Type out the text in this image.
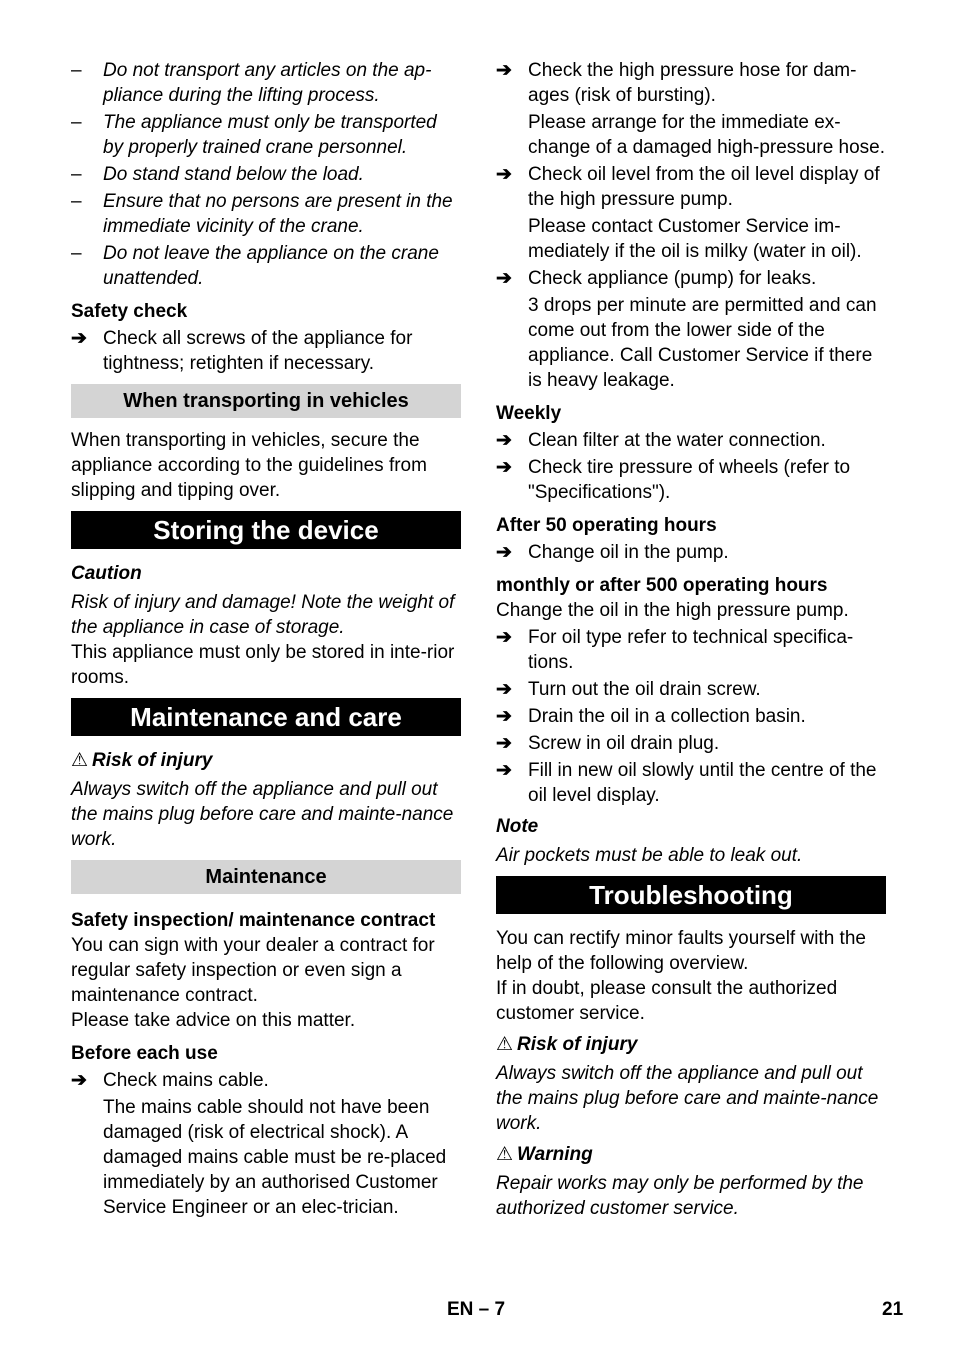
– Do not transport any articles on the ap-pliance during the lifting process.
– The appliance must only be transported by properly trained crane personnel.
– Do stand stand below the load.
– Ensure that no persons are present in the immediate vicinity of the crane.
– Do not leave the appliance on the crane unattended.

Safety check

➔ Check all screws of the appliance for tightness; retighten if necessary.

When transporting in vehicles

When transporting in vehicles, secure the appliance according to the guidelines from slipping and tipping over.

Storing the device

Caution

Risk of injury and damage! Note the weight of the appliance in case of storage.

This appliance must only be stored in inte-rior rooms.

Maintenance and care

⚠ Risk of injury

Always switch off the appliance and pull out the mains plug before care and mainte-nance work.

Maintenance

Safety inspection/ maintenance contract

You can sign with your dealer a contract for regular safety inspection or even sign a maintenance contract.

Please take advice on this matter.

Before each use

➔ Check mains cable.

The mains cable should not have been damaged (risk of electrical shock). A damaged mains cable must be re-placed immediately by an authorised Customer Service Engineer or an elec-trician.

➔ Check the high pressure hose for dam-ages (risk of bursting).

Please arrange for the immediate ex-change of a damaged high-pressure hose.

➔ Check oil level from the oil level display of the high pressure pump.

Please contact Customer Service im-mediately if the oil is milky (water in oil).

➔ Check appliance (pump) for leaks.

3 drops per minute are permitted and can come out from the lower side of the appliance. Call Customer Service if there is heavy leakage.

Weekly

➔ Clean filter at the water connection.

➔ Check tire pressure of wheels (refer to "Specifications").

After 50 operating hours

➔ Change oil in the pump.

monthly or after 500 operating hours

Change the oil in the high pressure pump.

➔ For oil type refer to technical specifica-tions.

➔ Turn out the oil drain screw.

➔ Drain the oil in a collection basin.

➔ Screw in oil drain plug.

➔ Fill in new oil slowly until the centre of the oil level display.

Note

Air pockets must be able to leak out.

Troubleshooting

You can rectify minor faults yourself with the help of the following overview.

If in doubt, please consult the authorized customer service.

⚠ Risk of injury

Always switch off the appliance and pull out the mains plug before care and mainte-nance work.

⚠ Warning

Repair works may only be performed by the authorized customer service.

EN – 7	21
